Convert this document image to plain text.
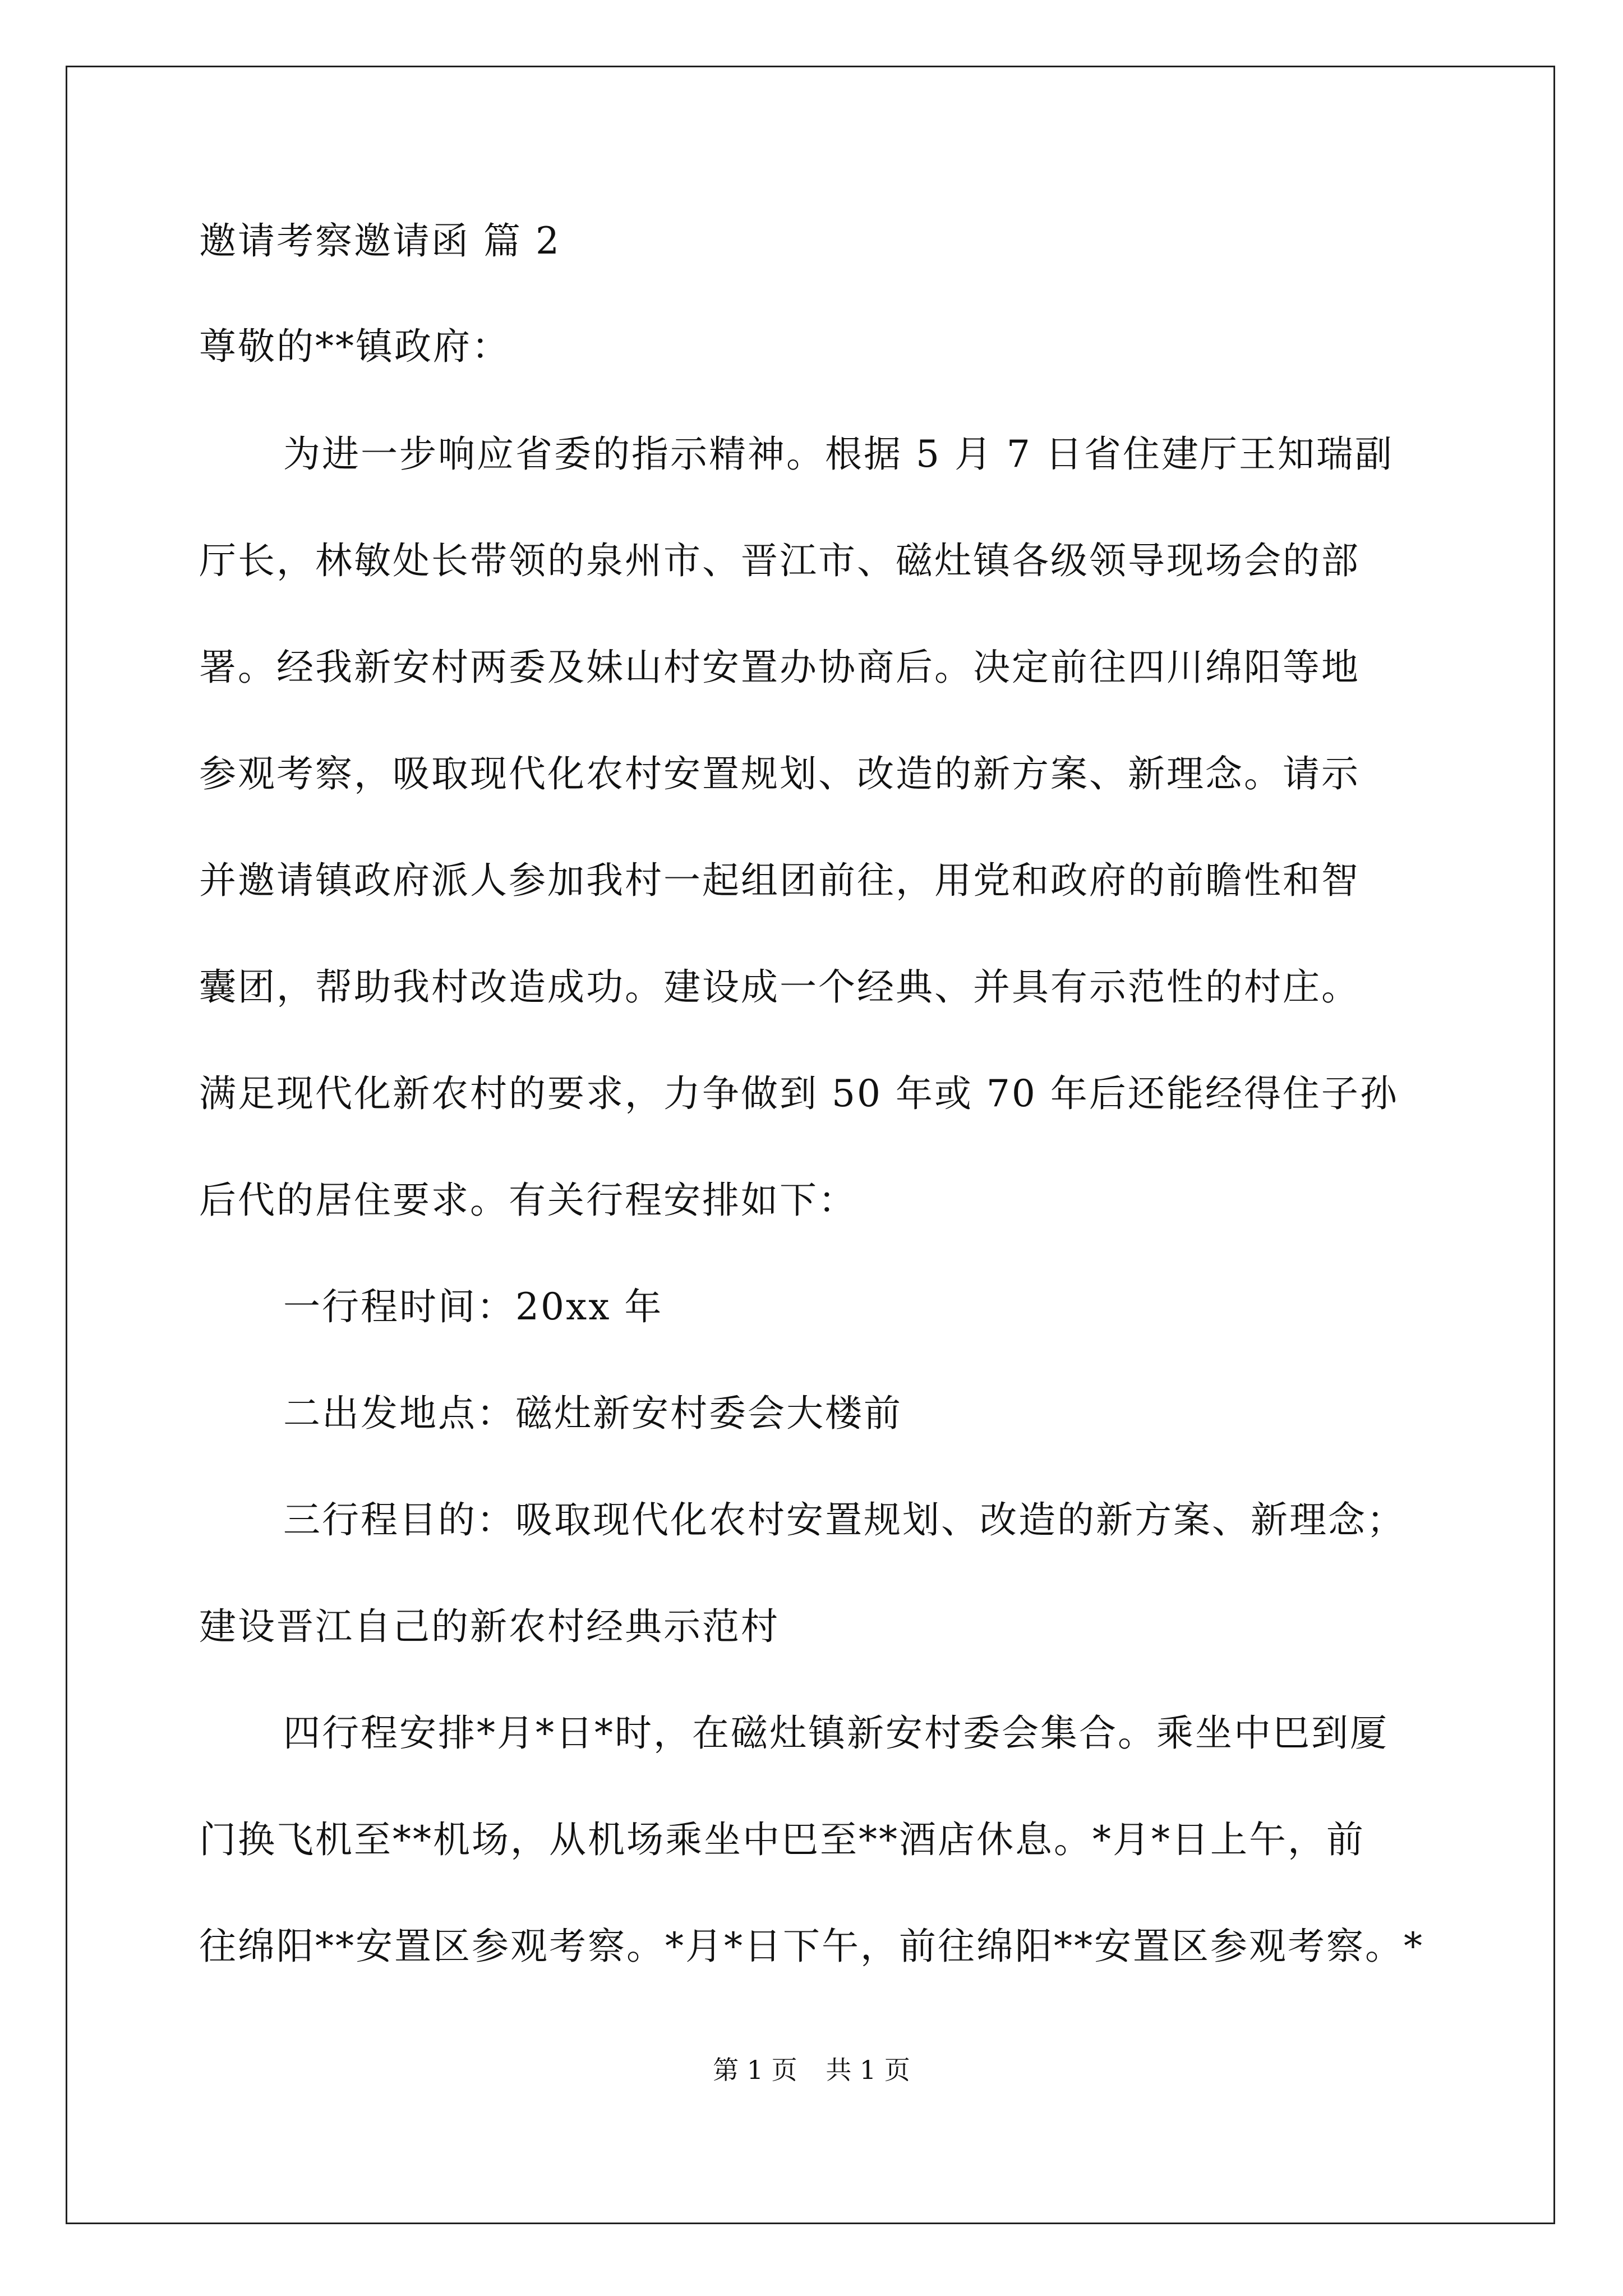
邀请考察邀请函 篇 2
尊敬的**镇政府：
为进一步响应省委的指示精神。根据 5 月 7 日省住建厅王知瑞副
厅长，林敏处长带领的泉州市、晋江市、磁灶镇各级领导现场会的部
署。经我新安村两委及妹山村安置办协商后。决定前往四川绵阳等地
参观考察，吸取现代化农村安置规划、改造的新方案、新理念。请示
并邀请镇政府派人参加我村一起组团前往，用党和政府的前瞻性和智
囊团，帮助我村改造成功。建设成一个经典、并具有示范性的村庄。
满足现代化新农村的要求，力争做到 50 年或 70 年后还能经得住子孙
后代的居住要求。有关行程安排如下：
一行程时间：20xx 年
二出发地点：磁灶新安村委会大楼前
三行程目的：吸取现代化农村安置规划、改造的新方案、新理念；
建设晋江自己的新农村经典示范村
四行程安排*月*日*时，在磁灶镇新安村委会集合。乘坐中巴到厦
门换飞机至**机场，从机场乘坐中巴至**酒店休息。*月*日上午，前
往绵阳**安置区参观考察。*月*日下午，前往绵阳**安置区参观考察。*
第 1 页 共 1 页
